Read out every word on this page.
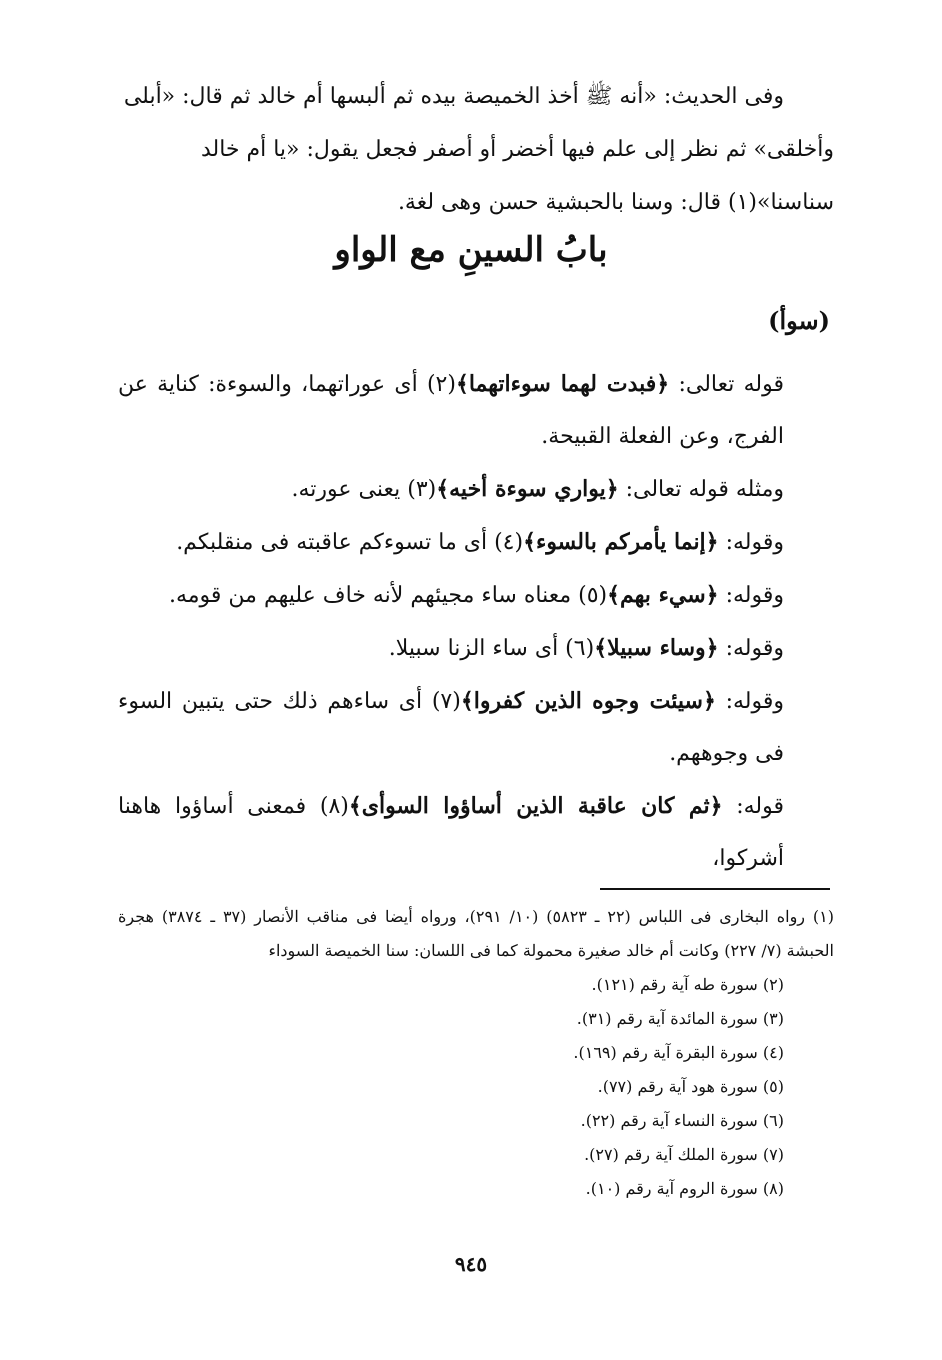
وفى الحديث: «أنه ﷺ أخذ الخميصة بيده ثم ألبسها أم خالد ثم قال: «أبلى

وأخلقى» ثم نظر إلى علم فيها أخضر أو أصفر فجعل يقول: «يا أم خالد

سناسنا»(١) قال: وسنا بالحبشية حسن وهى لغة.

بابُ السينِ مع الواو
(سوأ)

قوله تعالى: ﴿فبدت لهما سوءاتهما﴾(٢) أى عوراتهما، والسوءة: كناية عن الفرج، وعن الفعلة القبيحة.

ومثله قوله تعالى: ﴿يواري سوءة أخيه﴾(٣) يعنى عورته.

وقوله: ﴿إنما يأمركم بالسوء﴾(٤) أى ما تسوءكم عاقبته فى منقلبكم.

وقوله: ﴿سيء بهم﴾(٥) معناه ساء مجيئهم لأنه خاف عليهم من قومه.

وقوله: ﴿وساء سبيلا﴾(٦) أى ساء الزنا سبيلا.

وقوله: ﴿سيئت وجوه الذين كفروا﴾(٧) أى ساءهم ذلك حتى يتبين السوء فى وجوههم.

قوله: ﴿ثم كان عاقبة الذين أساؤوا السوأى﴾(٨) فمعنى أساؤوا هاهنا أشركوا،

(١) رواه البخارى فى اللباس (٢٢ ـ ٥٨٢٣) (١٠/ ٢٩١)، ورواه أيضا فى مناقب الأنصار (٣٧ ـ ٣٨٧٤) هجرة الحبشة (٧/ ٢٢٧) وكانت أم خالد صغيرة محمولة كما فى اللسان: سنا الخميصة السوداء

(٢) سورة طه آية رقم (١٢١).

(٣) سورة المائدة آية رقم (٣١).

(٤) سورة البقرة آية رقم (١٦٩).

(٥) سورة هود آية رقم (٧٧).

(٦) سورة النساء آية رقم (٢٢).

(٧) سورة الملك آية رقم (٢٧).

(٨) سورة الروم آية رقم (١٠).

٩٤٥
